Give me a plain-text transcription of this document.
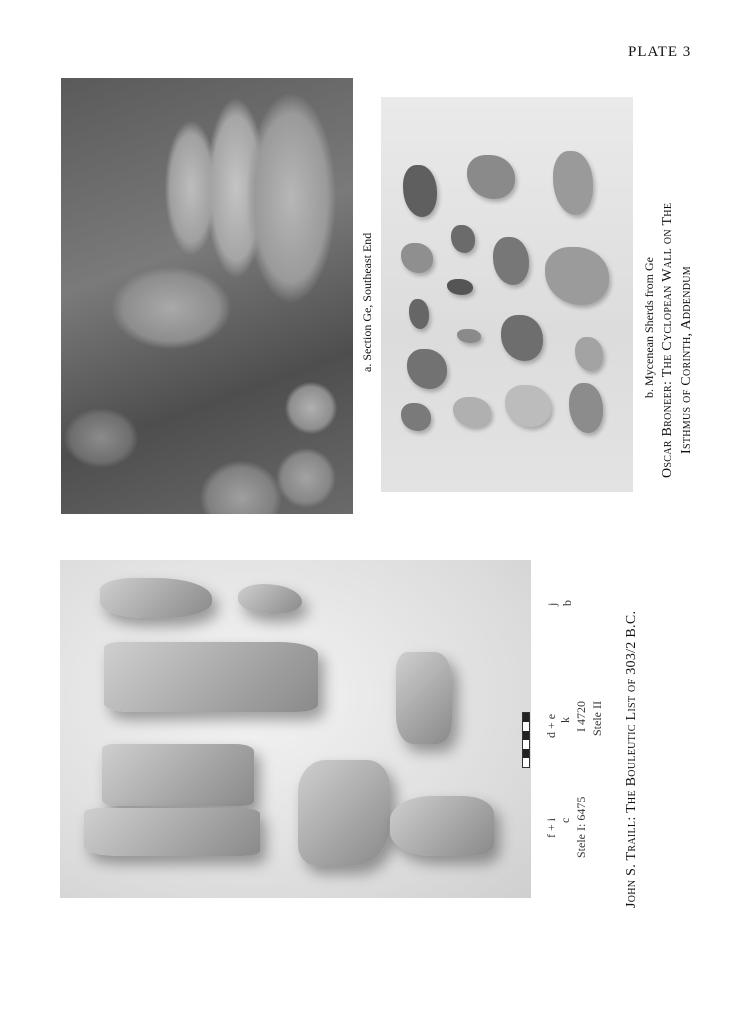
PLATE 3
a. Section Ge, Southeast End	b. Mycenean Sherds from Ge Oscar Broneer: The Cyclopean Wall on The Isthmus of Corinth, Addendum
f + i c Stele I: 6475
d + e k I 4720 Stele II
j b
John S. Traill: The Bouleutic List of 303/2 B.C.
